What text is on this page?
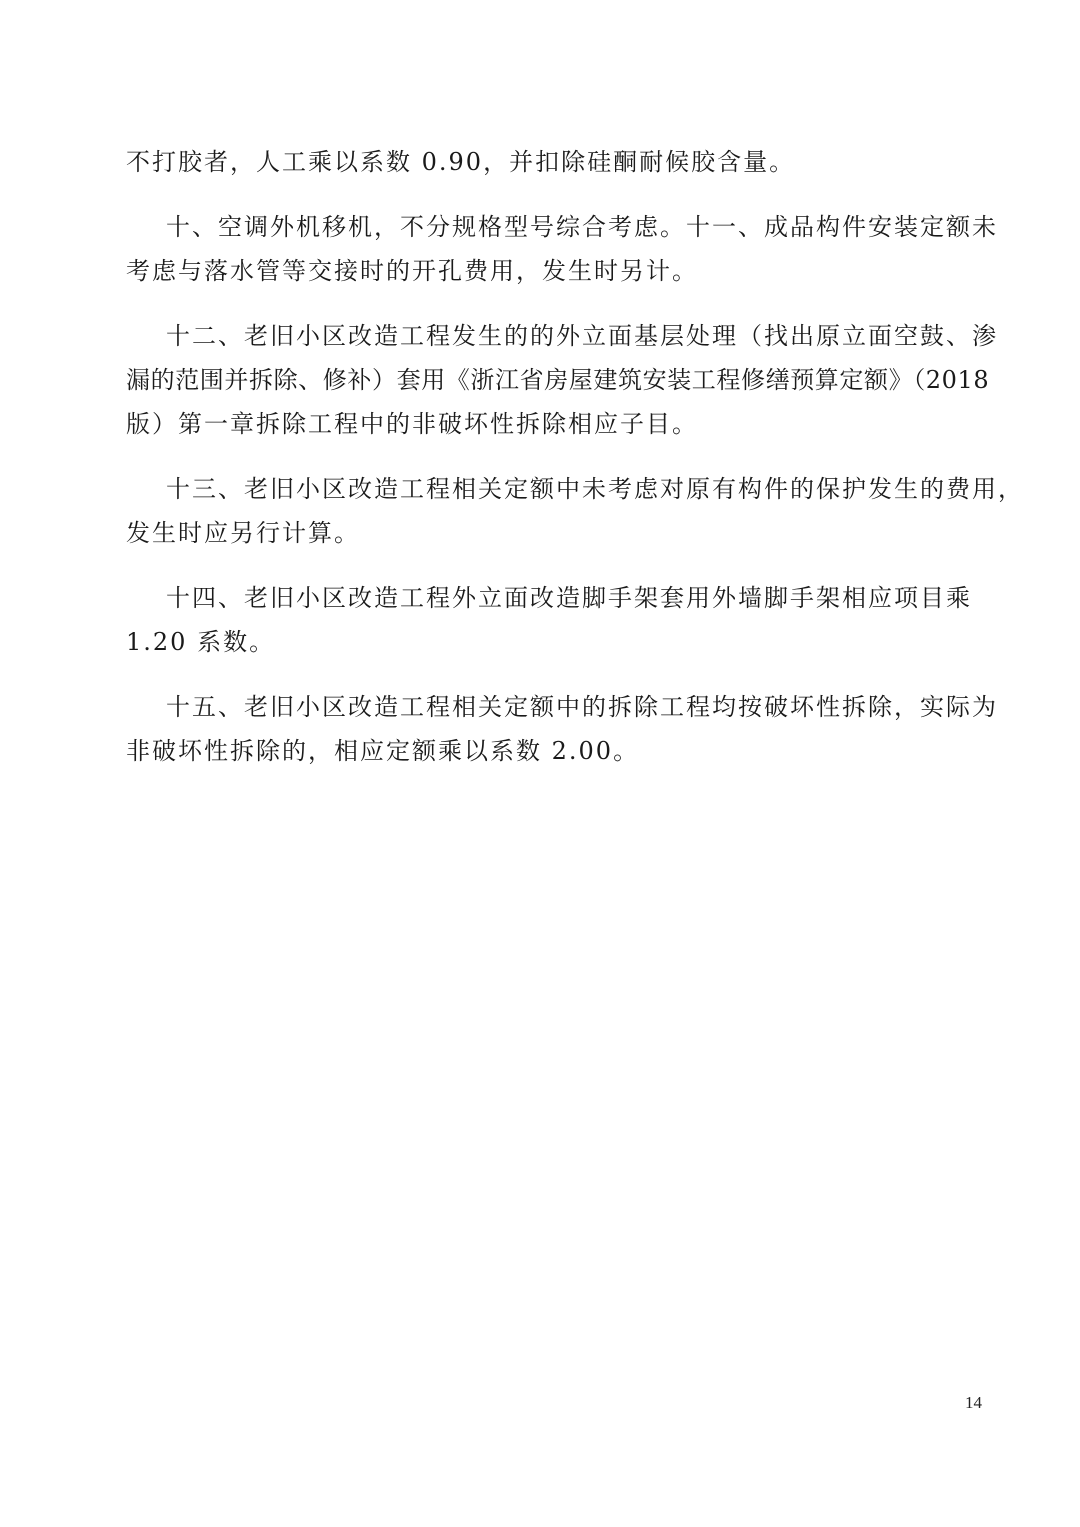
不打胶者，人工乘以系数 0.90，并扣除硅酮耐候胶含量。

十、空调外机移机，不分规格型号综合考虑。十一、成品构件安装定额未
考虑与落水管等交接时的开孔费用，发生时另计。

十二、老旧小区改造工程发生的的外立面基层处理（找出原立面空鼓、渗
漏的范围并拆除、修补）套用《浙江省房屋建筑安装工程修缮预算定额》（2018
版）第一章拆除工程中的非破坏性拆除相应子目。

十三、老旧小区改造工程相关定额中未考虑对原有构件的保护发生的费用，
发生时应另行计算。

十四、老旧小区改造工程外立面改造脚手架套用外墙脚手架相应项目乘
1.20 系数。

十五、老旧小区改造工程相关定额中的拆除工程均按破坏性拆除，实际为
非破坏性拆除的，相应定额乘以系数 2.00。

14
